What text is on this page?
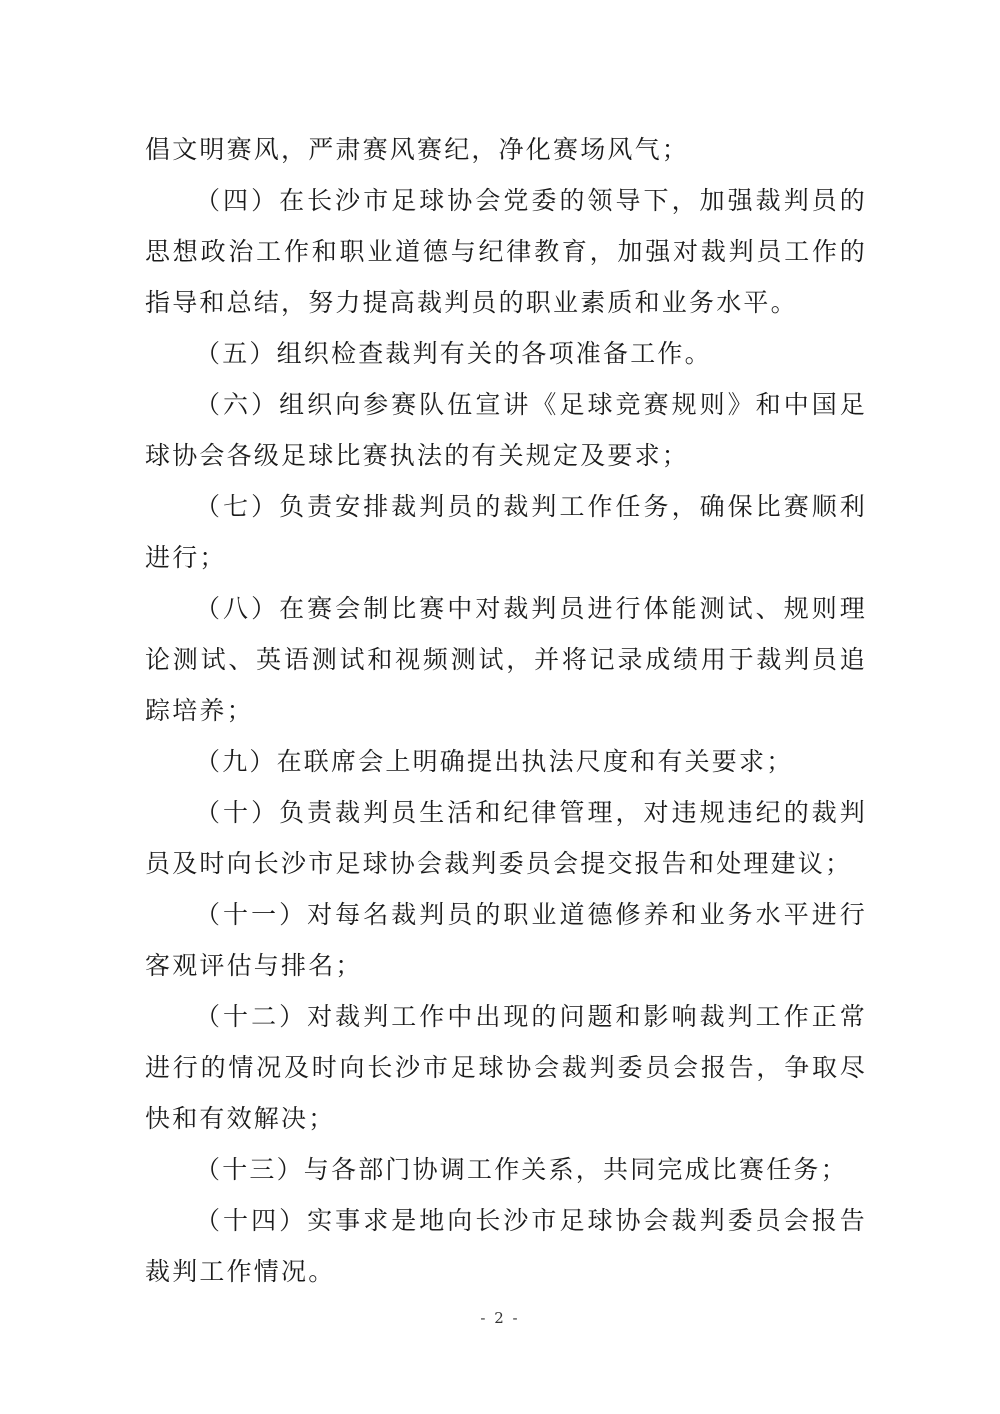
倡文明赛风，严肃赛风赛纪，净化赛场风气；

（四）在长沙市足球协会党委的领导下，加强裁判员的思想政治工作和职业道德与纪律教育，加强对裁判员工作的指导和总结，努力提高裁判员的职业素质和业务水平。

（五）组织检查裁判有关的各项准备工作。

（六）组织向参赛队伍宣讲《足球竞赛规则》和中国足球协会各级足球比赛执法的有关规定及要求；

（七）负责安排裁判员的裁判工作任务，确保比赛顺利进行；

（八）在赛会制比赛中对裁判员进行体能测试、规则理论测试、英语测试和视频测试，并将记录成绩用于裁判员追踪培养；

（九）在联席会上明确提出执法尺度和有关要求；

（十）负责裁判员生活和纪律管理，对违规违纪的裁判员及时向长沙市足球协会裁判委员会提交报告和处理建议；

（十一）对每名裁判员的职业道德修养和业务水平进行客观评估与排名；

（十二）对裁判工作中出现的问题和影响裁判工作正常进行的情况及时向长沙市足球协会裁判委员会报告，争取尽快和有效解决；

（十三）与各部门协调工作关系，共同完成比赛任务；

（十四）实事求是地向长沙市足球协会裁判委员会报告裁判工作情况。

- 2 -
